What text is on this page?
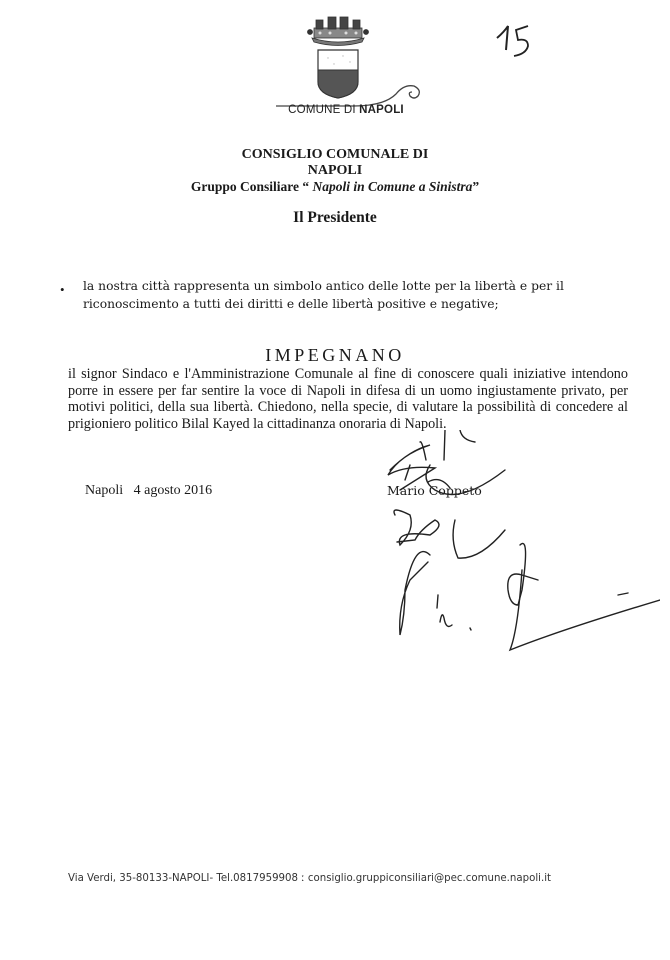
COMUNE DI NAPOLI
15
CONSIGLIO COMUNALE DI
NAPOLI
Gruppo Consiliare “ Napoli in Comune a Sinistra”
Il Presidente
• la nostra città rappresenta un simbolo antico delle lotte per la libertà e per il riconoscimento a tutti dei diritti e delle libertà positive e negative;
IMPEGNANO
il signor Sindaco e l'Amministrazione Comunale al fine di conoscere quali iniziative intendono porre in essere per far sentire la voce di Napoli in difesa di un uomo ingiustamente privato, per motivi politici, della sua libertà. Chiedono, nella specie, di valutare la possibilità di concedere al prigioniero politico Bilal Kayed la cittadinanza onoraria di Napoli.
Napoli   4 agosto 2016	Mario Coppeto
Via Verdi, 35-80133-NAPOLI- Tel.0817959908 ː consiglio.gruppiconsiliari@pec.comune.napoli.it
